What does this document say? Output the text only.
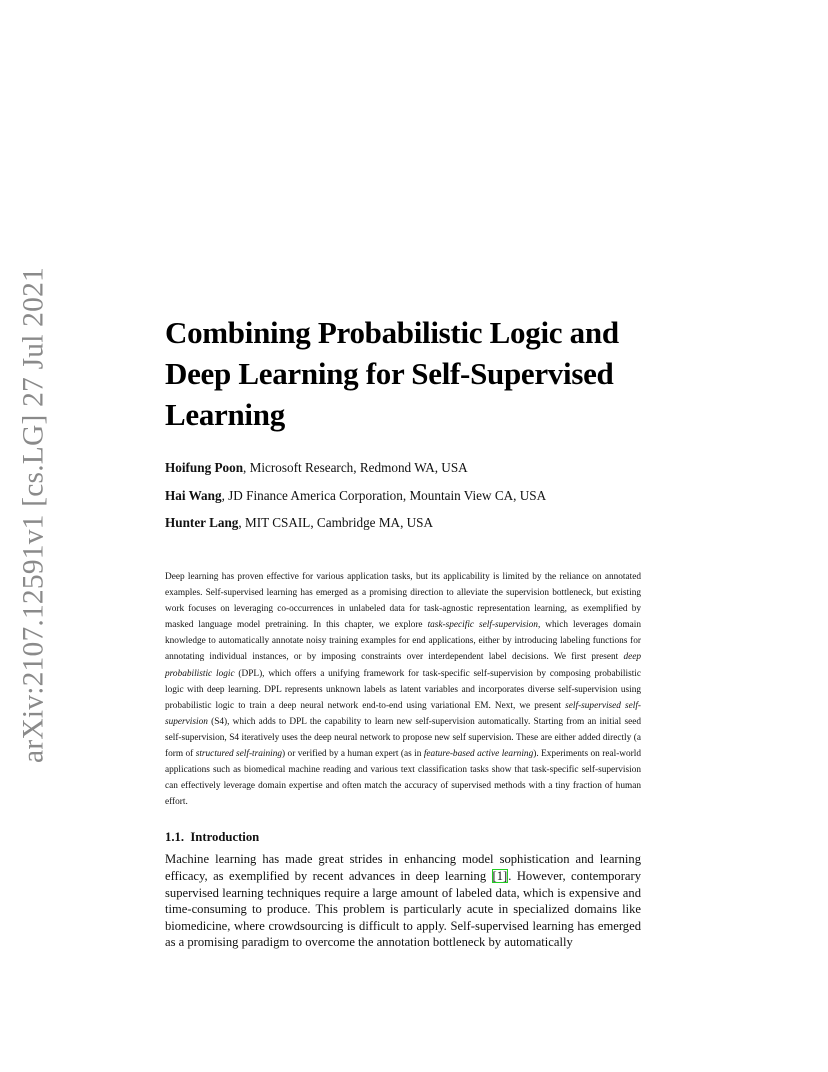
arXiv:2107.12591v1 [cs.LG] 27 Jul 2021	Combining Probabilistic Logic and Deep Learning for Self-Supervised Learning
Hoifung Poon, Microsoft Research, Redmond WA, USA
Hai Wang, JD Finance America Corporation, Mountain View CA, USA
Hunter Lang, MIT CSAIL, Cambridge MA, USA

Deep learning has proven effective for various application tasks, but its applicability is limited by the reliance on annotated examples. Self-supervised learning has emerged as a promising direction to alleviate the supervision bottleneck, but existing work focuses on leveraging co-occurrences in unlabeled data for task-agnostic representation learning, as exemplified by masked language model pretraining. In this chapter, we explore task-specific self-supervision, which leverages domain knowledge to automatically annotate noisy training examples for end applications, either by introducing labeling functions for annotating individual instances, or by imposing constraints over interdependent label decisions. We first present deep probabilistic logic (DPL), which offers a unifying framework for task-specific self-supervision by composing probabilistic logic with deep learning. DPL represents unknown labels as latent variables and incorporates diverse self-supervision using probabilistic logic to train a deep neural network end-to-end using variational EM. Next, we present self-supervised self-supervision (S4), which adds to DPL the capability to learn new self-supervision automatically. Starting from an initial seed self-supervision, S4 iteratively uses the deep neural network to propose new self supervision. These are either added directly (a form of structured self-training) or verified by a human expert (as in feature-based active learning). Experiments on real-world applications such as biomedical machine reading and various text classification tasks show that task-specific self-supervision can effectively leverage domain expertise and often match the accuracy of supervised methods with a tiny fraction of human effort.

1.1. Introduction

Machine learning has made great strides in enhancing model sophistication and learning efficacy, as exemplified by recent advances in deep learning [1]. However, contemporary supervised learning techniques require a large amount of labeled data, which is expensive and time-consuming to produce. This problem is particularly acute in specialized domains like biomedicine, where crowdsourcing is difficult to apply. Self-supervised learning has emerged as a promising paradigm to overcome the annotation bottleneck by automatically
